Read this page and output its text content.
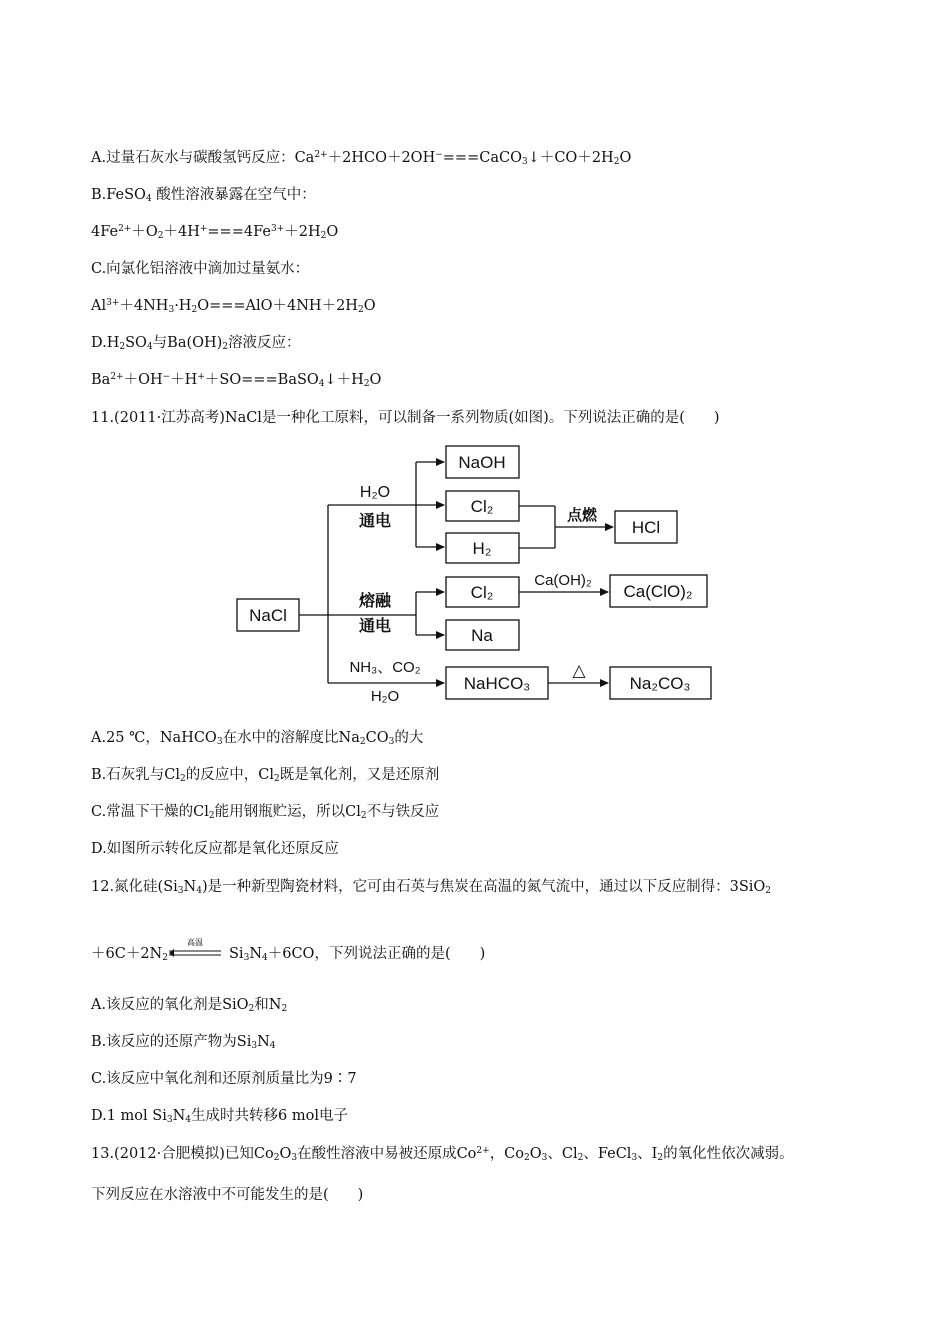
A.过量石灰水与碳酸氢钙反应：$Ca^{2+}+2HCO+2OH^-===CaCO_3↓+CO+2H_2O$
B.FeSO$_4$ 酸性溶液暴露在空气中：
$4Fe^{2+}+O_2+4H^+===4Fe^{3+}+2H_2O$
C.向氯化铝溶液中滴加过量氨水：
$Al^{3+}+4NH_3\cdot H_2O===AlO+4NH+2H_2O$
$D.H_2SO_4$与$Ba(OH)_2$溶液反应：
$Ba^{2+}+OH^-+H^++SO===BaSO_4↓+H_2O$
11.(2011·江苏高考)NaCl是一种化工原料，可以制备一系列物质(如图)。下列说法正确的是(　　)
NaCl
H₂O
通电
NaOH
Cl₂
H₂
点燃
HCl
熔融
通电
Cl₂
Ca(OH)₂
Ca(ClO)₂
Na
NH₃、CO₂
H₂O
NaHCO₃
△
Na₂CO₃
A.25 ℃，NaHCO$_3$在水中的溶解度比$Na_2CO_3$的大
B.石灰乳与$Cl_2$的反应中，$Cl_2$既是氧化剂，又是还原剂
C.常温下干燥的$Cl_2$能用钢瓶贮运，所以$Cl_2$不与铁反应
D.如图所示转化反应都是氧化还原反应
12.氮化硅$(Si_3N_4)$是一种新型陶瓷材料，它可由石英与焦炭在高温的氮气流中，通过以下反应制得：3SiO$_2$
$+6C+2N_2$
高温
$Si_3N_4+6CO$，下列说法正确的是(　　)
A.该反应的氧化剂是SiO$_2$和$N_2$
B.该反应的还原产物为$Si_3N_4$
C.该反应中氧化剂和还原剂质量比为9∶7
D.1 mol $Si_3N_4$生成时共转移6 mol电子
13.(2012·合肥模拟)已知$Co_2O_3$在酸性溶液中易被还原成$Co^{2+}$，$Co_2O_3$、$Cl_2$、FeCl$_3$、$I_2$的氧化性依次减弱。
下列反应在水溶液中不可能发生的是(　　)
